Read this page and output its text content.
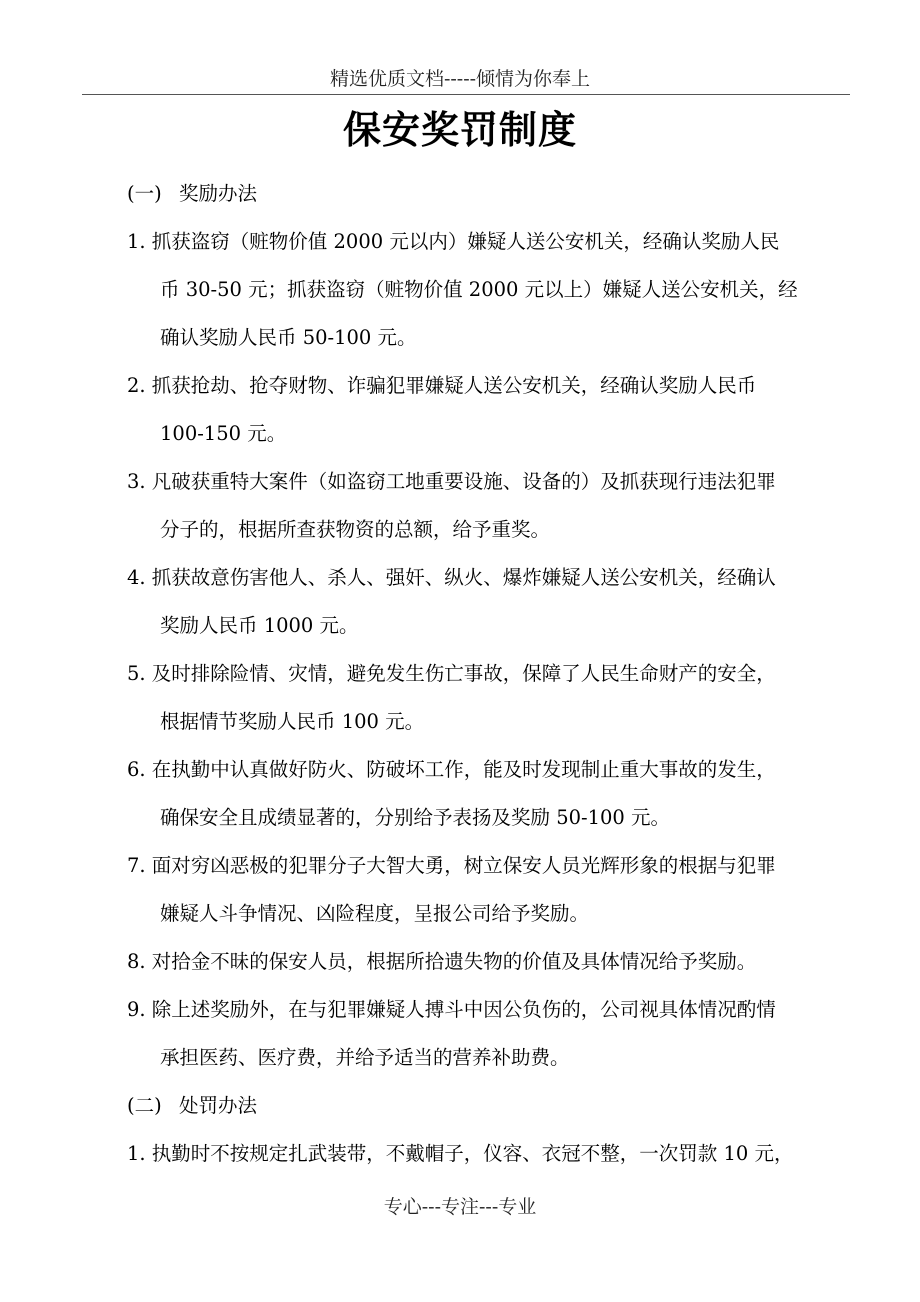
精选优质文档-----倾情为你奉上
保安奖罚制度
(一) 奖励办法
1. 抓获盗窃（赃物价值 2000 元以内）嫌疑人送公安机关，经确认奖励人民
币 30-50 元；抓获盗窃（赃物价值 2000 元以上）嫌疑人送公安机关，经
确认奖励人民币 50-100 元。
2. 抓获抢劫、抢夺财物、诈骗犯罪嫌疑人送公安机关，经确认奖励人民币
100-150 元。
3. 凡破获重特大案件（如盗窃工地重要设施、设备的）及抓获现行违法犯罪
分子的，根据所查获物资的总额，给予重奖。
4. 抓获故意伤害他人、杀人、强奸、纵火、爆炸嫌疑人送公安机关，经确认
奖励人民币 1000 元。
5. 及时排除险情、灾情，避免发生伤亡事故，保障了人民生命财产的安全，
根据情节奖励人民币 100 元。
6. 在执勤中认真做好防火、防破坏工作，能及时发现制止重大事故的发生，
确保安全且成绩显著的，分别给予表扬及奖励 50-100 元。
7. 面对穷凶恶极的犯罪分子大智大勇，树立保安人员光辉形象的根据与犯罪
嫌疑人斗争情况、凶险程度，呈报公司给予奖励。
8. 对拾金不昧的保安人员，根据所拾遗失物的价值及具体情况给予奖励。
9. 除上述奖励外，在与犯罪嫌疑人搏斗中因公负伤的，公司视具体情况酌情
承担医药、医疗费，并给予适当的营养补助费。
(二) 处罚办法
1. 执勤时不按规定扎武装带，不戴帽子，仪容、衣冠不整，一次罚款 10 元，
专心---专注---专业
